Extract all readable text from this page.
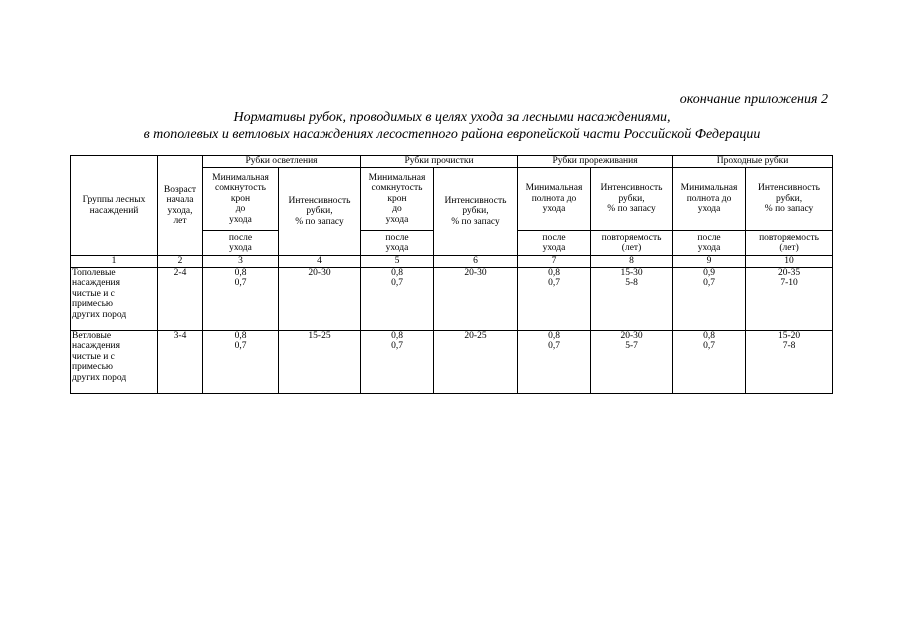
окончание приложения 2
Нормативы рубок, проводимых в целях ухода за лесными насаждениями,
в тополевых и ветловых насаждениях лесостепного района европейской части Российской Федерации
Группы лесных
насаждений	Возраст
начала
ухода,
лет	Рубки осветления		Рубки прочистки		Рубки прореживания		Проходные рубки	

		Минимальная
сомкнутость
крон
до
ухода	Интенсивность
рубки,
% по запасу	Минимальная
сомкнутость
крон
до
ухода	Интенсивность
рубки,
% по запасу	Минимальная
полнота до
ухода	Интенсивность
рубки,
% по запасу	Минимальная
полнота до
ухода	Интенсивность
рубки,
% по запасу

		после
ухода		после
ухода		после
ухода	повторяемость
(лет)	после
ухода	повторяемость
(лет)

1	2	3	4	5	6	7	8	9	10

Тополевые
насаждения
чистые и с
примесью
других пород	2-4	0,8
0,7	20-30	0,8
0,7	20-30	0,8
0,7	15-30
5-8	0,9
0,7	20-35
7-10

Ветловые
насаждения
чистые и с
примесью
других пород	3-4	0,8
0,7	15-25	0,8
0,7	20-25	0,8
0,7	20-30
5-7	0,8
0,7	15-20
7-8
